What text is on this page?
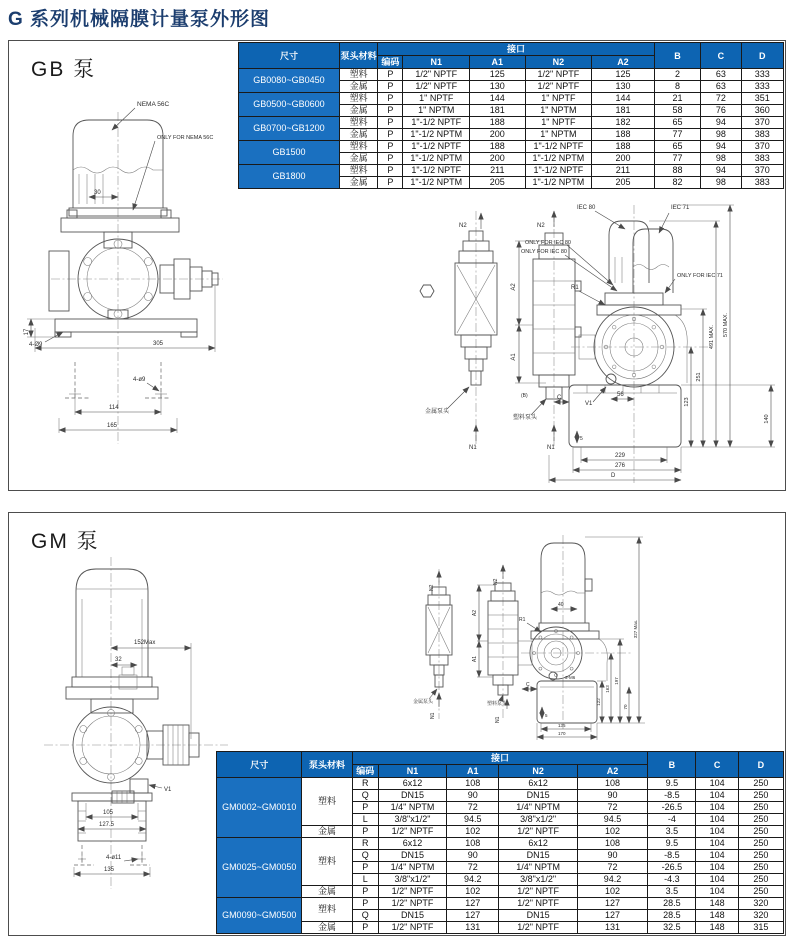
G 系列机械隔膜计量泵外形图
GB 泵
NEMA 56C
ONLY FOR NEMA 56C
30
17
4-Ø9	305
4-ø9
114
165
N2
金属泵头
N1
N2
A2
A1
(B)
塑料泵头
N1
IEC 80	IEC 71
ONLY FOR IEC 80
ONLY FOR IEC 80
ONLY FOR IEC 71
R1
V1
56
C	123
251
491 MAX. 570 MAX.
140
5
229
276
D
尺寸	泵头材料	接口					B	C	D
		编码	N1	A1	N2	A2			
GB0080~GB0450	塑料	P	1/2" NPTF	125	1/2" NPTF	125	2	63	333
	金属	P	1/2" NPTF	130	1/2" NPTF	130	8	63	333
GB0500~GB0600	塑料	P	1" NPTF	144	1" NPTF	144	21	72	351
	金属	P	1" NPTM	181	1" NPTM	181	58	76	360
GB0700~GB1200	塑料	P	1"-1/2 NPTF	188	1" NPTF	182	65	94	370
	金属	P	1"-1/2 NPTM	200	1" NPTM	188	77	98	383
GB1500	塑料	P	1"-1/2 NPTF	188	1"-1/2 NPTF	188	65	94	370
	金属	P	1"-1/2 NPTM	200	1"-1/2 NPTM	200	77	98	383
GB1800	塑料	P	1"-1/2 NPTF	211	1"-1/2 NPTF	211	88	94	370
	金属	P	1"-1/2 NPTM	205	1"-1/2 NPTM	205	82	98	383
GM 泵
152Max
32
V1
105
127.5
4-ø11
135
N2
金属泵头
N1
N2
A2
A1
塑料泵头
N1
40
R1
3-M6
C
5
122
163
197
70
327 Max.
135
170
尺寸	泵头材料	接口					B	C	D
		编码	N1	A1	N2	A2			
GM0002~GM0010	塑料	R	6x12	108	6x12	108	9.5	104	250
		Q	DN15	90	DN15	90	-8.5	104	250
		P	1/4" NPTM	72	1/4" NPTM	72	-26.5	104	250
		L	3/8"x1/2"	94.5	3/8"x1/2"	94.5	-4	104	250
	金属	P	1/2" NPTF	102	1/2" NPTF	102	3.5	104	250
GM0025~GM0050	塑料	R	6x12	108	6x12	108	9.5	104	250
		Q	DN15	90	DN15	90	-8.5	104	250
		P	1/4" NPTM	72	1/4" NPTM	72	-26.5	104	250
		L	3/8"x1/2"	94.2	3/8"x1/2"	94.2	-4.3	104	250
	金属	P	1/2" NPTF	102	1/2" NPTF	102	3.5	104	250
GM0090~GM0500	塑料	P	1/2" NPTF	127	1/2" NPTF	127	28.5	148	320
		Q	DN15	127	DN15	127	28.5	148	320
	金属	P	1/2" NPTF	131	1/2" NPTF	131	32.5	148	315
